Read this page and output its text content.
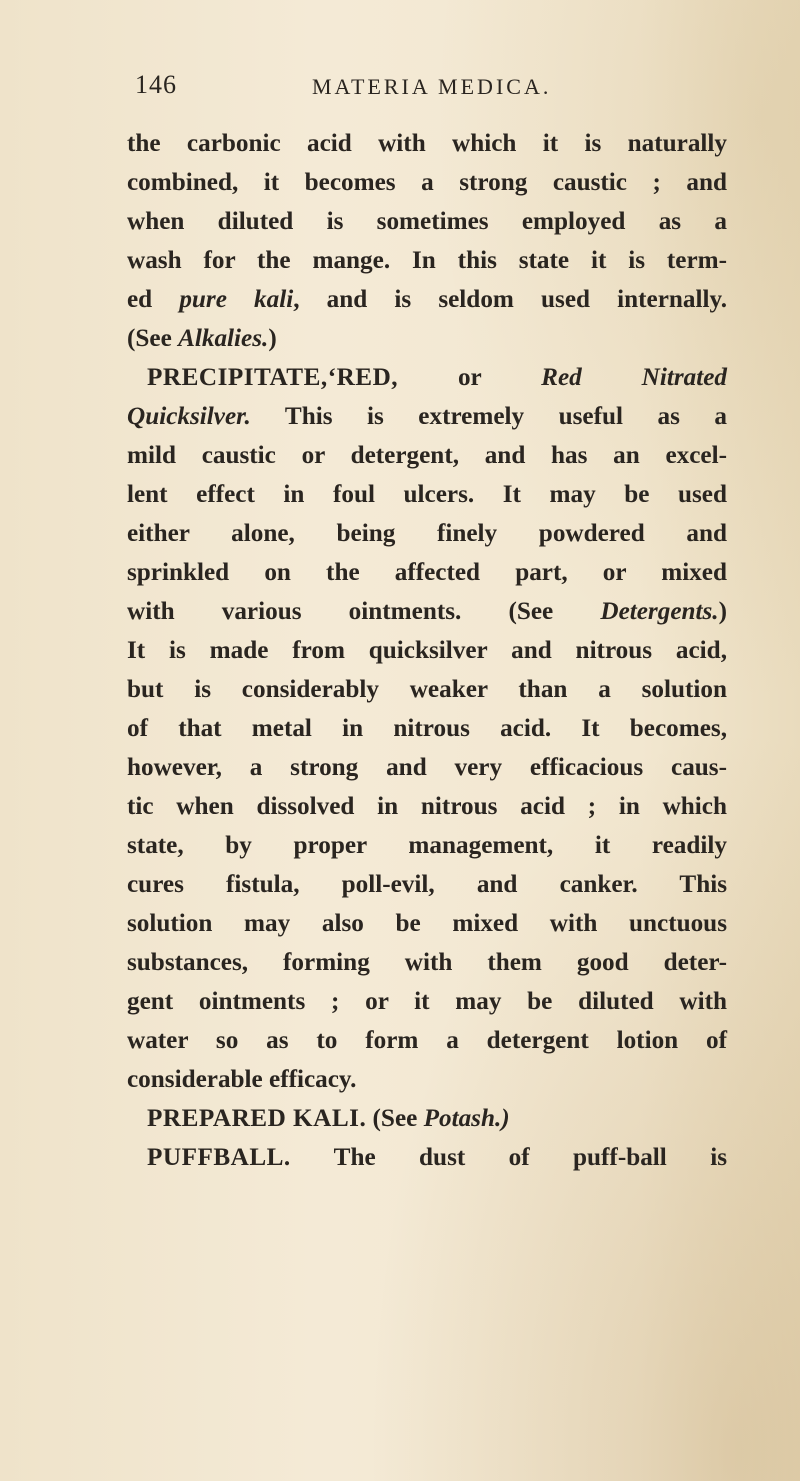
146	MATERIA MEDICA.
the carbonic acid with which it is naturally
combined, it becomes a strong caustic ; and
when diluted is sometimes employed as a
wash for the mange. In this state it is term-
ed pure kali, and is seldom used internally.
(See Alkalies.)
PRECIPITATE,‘RED, or Red Nitrated
Quicksilver. This is extremely useful as a
mild caustic or detergent, and has an excel-
lent effect in foul ulcers. It may be used
either alone, being finely powdered and
sprinkled on the affected part, or mixed
with various ointments. (See Detergents.)
It is made from quicksilver and nitrous acid,
but is considerably weaker than a solution
of that metal in nitrous acid. It becomes,
however, a strong and very efficacious caus-
tic when dissolved in nitrous acid ; in which
state, by proper management, it readily
cures fistula, poll-evil, and canker. This
solution may also be mixed with unctuous
substances, forming with them good deter-
gent ointments ; or it may be diluted with
water so as to form a detergent lotion of
considerable efficacy.
PREPARED KALI. (See Potash.)
PUFFBALL. The dust of puff-ball is
